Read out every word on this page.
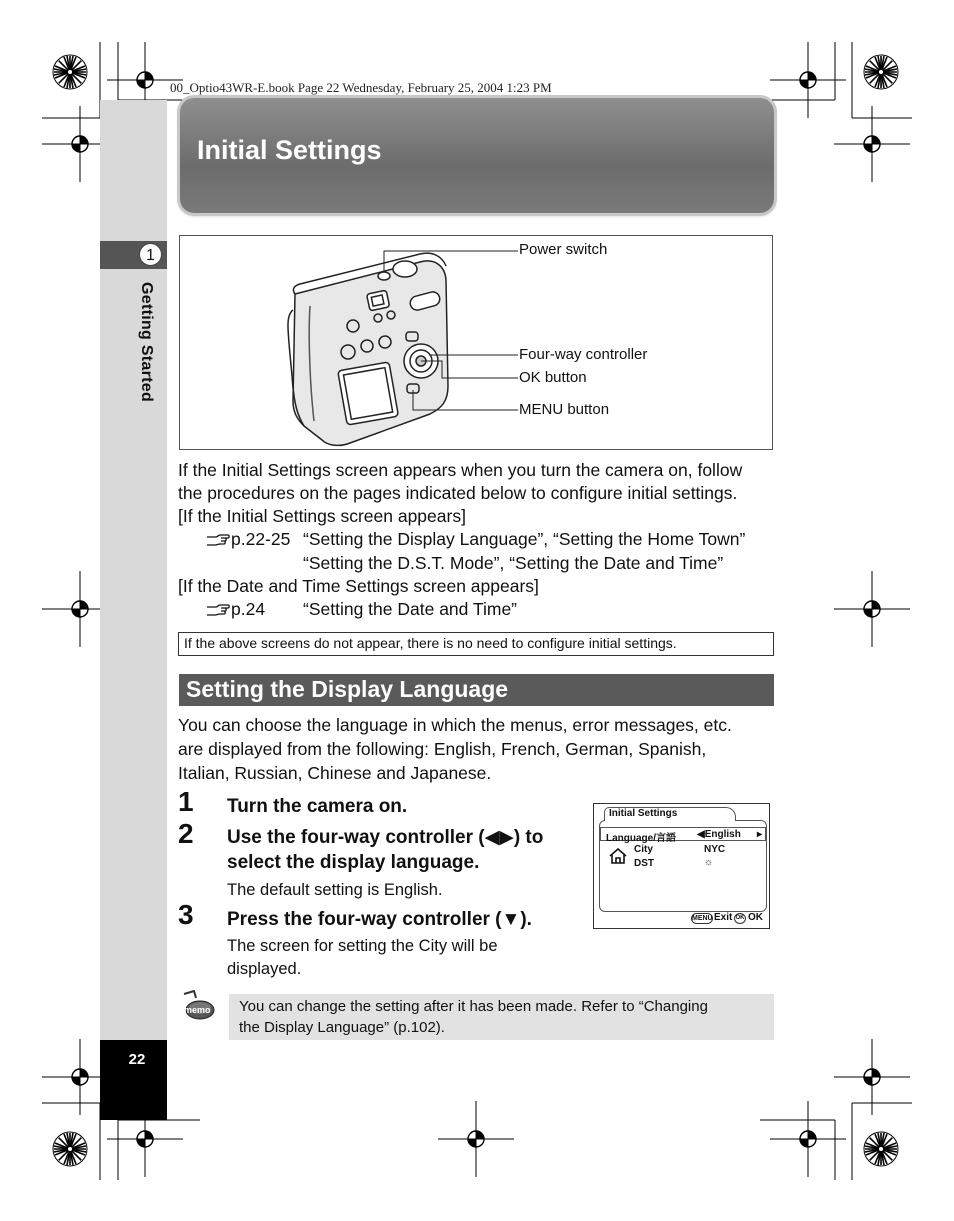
00_Optio43WR-E.book Page 22 Wednesday, February 25, 2004 1:23 PM
1
Getting Started
22
Initial Settings
Power switch
Four-way controller
OK button
MENU button
If the Initial Settings screen appears when you turn the camera on, follow
the procedures on the pages indicated below to configure initial settings.
[If the Initial Settings screen appears]
p.22-25 “Setting the Display Language”, “Setting the Home Town”
“Setting the D.S.T. Mode”, “Setting the Date and Time”
[If the Date and Time Settings screen appears]
p.24 “Setting the Date and Time”
If the above screens do not appear, there is no need to configure initial settings.
Setting the Display Language
You can choose the language in which the menus, error messages, etc.
are displayed from the following: English, French, German, Spanish,
Italian, Russian, Chinese and Japanese.
1 Turn the camera on.
2 Use the four-way controller (◀▶) to
select the display language.
The default setting is English.
3 Press the four-way controller (▼).
The screen for setting the City will be
displayed.
Initial Settings
Language/言語 ◀English ▸
City	NYC
DST	☼
MENU Exit OK OK
memo You can change the setting after it has been made. Refer to “Changing
the Display Language” (p.102).
